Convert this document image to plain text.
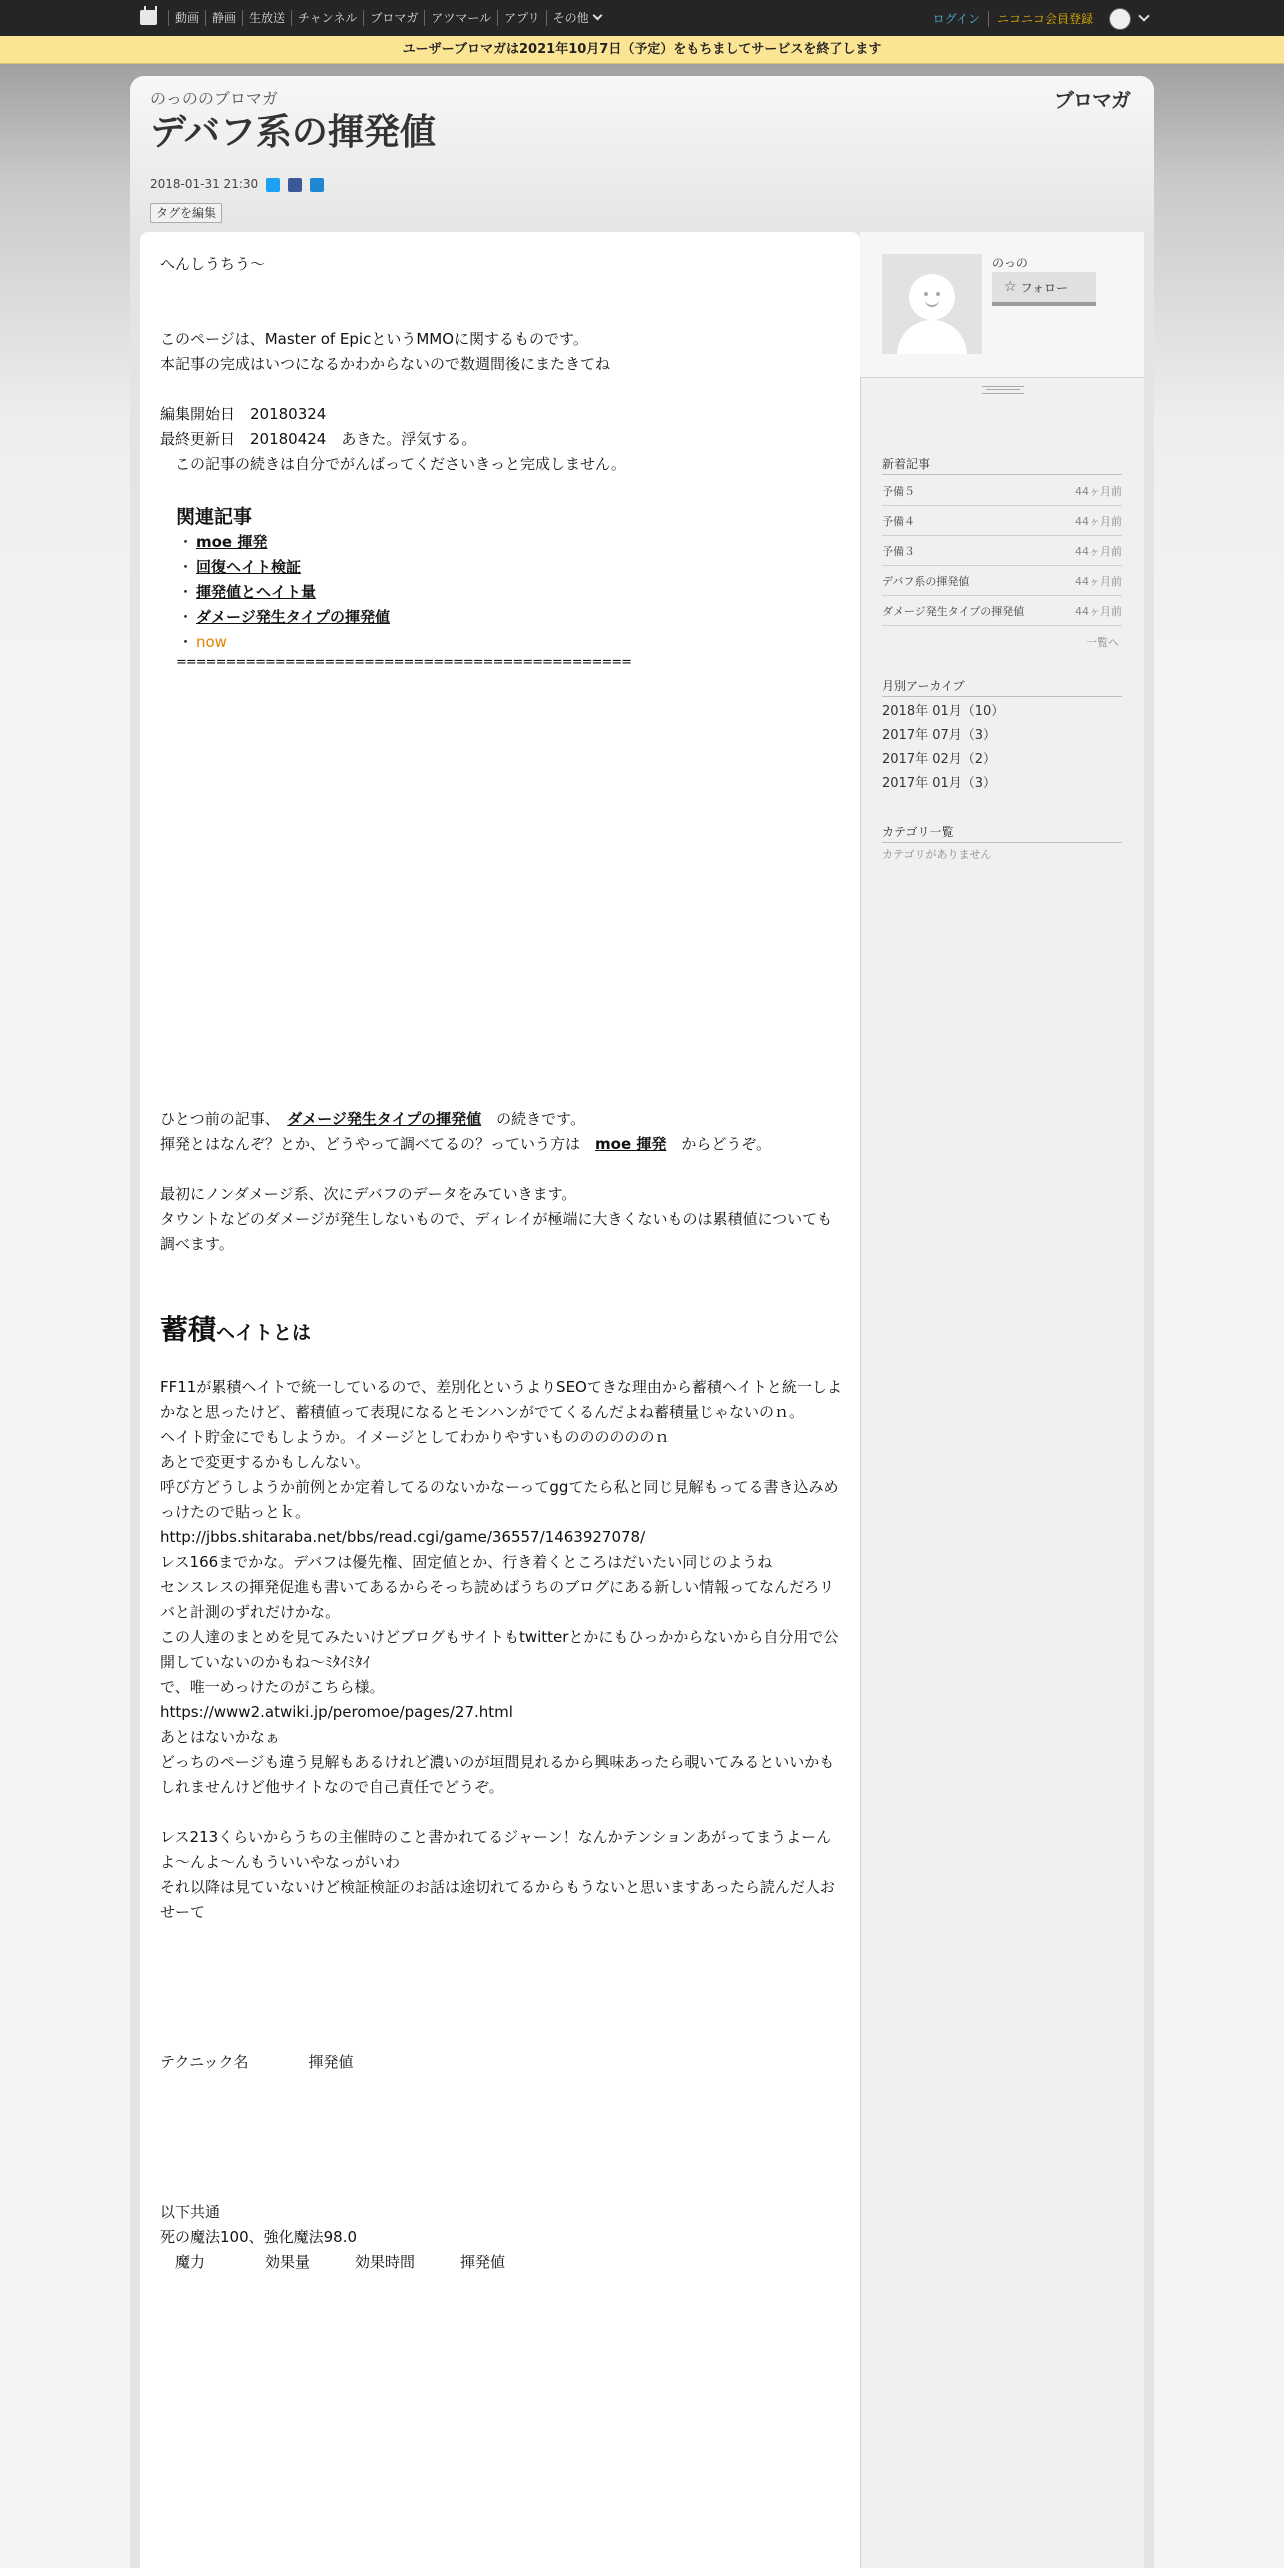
動画	静画	生放送	チャンネル	ブロマガ	アツマール	アプリ	その他	ログイン	ニコニコ会員登録
ユーザーブロマガは2021年10月7日（予定）をもちましてサービスを終了します
のっののブロマガ	ブロマガ
デバフ系の揮発値
2018-01-31 21:30
タグを編集

へんしうちう～

このページは、Master of EpicというMMOに関するものです。
本記事の完成はいつになるかわからないので数週間後にまたきてね

編集開始日　20180324
最終更新日　20180424　あきた。浮気する。
　この記事の続きは自分でがんばってくださいきっと完成しません。

関連記事
・ moe 揮発
・ 回復ヘイト検証
・ 揮発値とヘイト量
・ ダメージ発生タイプの揮発値
・ now
==============================================

ひとつ前の記事、　ダメージ発生タイプの揮発値　の続きです。

揮発とはなんぞ？とか、どうやって調べてるの？っていう方は　moe 揮発　からどうぞ。

最初にノンダメージ系、次にデバフのデータをみていきます。
タウントなどのダメージが発生しないもので、ディレイが極端に大きくないものは累積値についても調べます。

蓄積ヘイトとは

FF11が累積ヘイトで統一しているので、差別化というよりSEOてきな理由から蓄積ヘイトと統一しよかなと思ったけど、蓄積値って表現になるとモンハンがでてくるんだよね蓄積量じゃないのｎ。
ヘイト貯金にでもしようか。イメージとしてわかりやすいもののののののｎ
あとで変更するかもしんない。
呼び方どうしようか前例とか定着してるのないかなーってggてたら私と同じ見解もってる書き込みめっけたので貼っとｋ。
http://jbbs.shitaraba.net/bbs/read.cgi/game/36557/1463927078/
レス166までかな。デバフは優先権、固定値とか、行き着くところはだいたい同じのようね
センスレスの揮発促進も書いてあるからそっち読めばうちのブログにある新しい情報ってなんだろリバと計測のずれだけかな。
この人達のまとめを見てみたいけどブログもサイトもtwitterとかにもひっかからないから自分用で公開していないのかもね～ﾐﾀｲﾐﾀｲ
で、唯一めっけたのがこちら様。
https://www2.atwiki.jp/peromoe/pages/27.html
あとはないかなぁ
どっちのページも違う見解もあるけれど濃いのが垣間見れるから興味あったら覗いてみるといいかもしれませんけど他サイトなので自己責任でどうぞ。

レス213くらいからうちの主催時のこと書かれてるジャーン！なんかテンションあがってまうよーんよ～んよ～んもういいやなっがいわ
それ以降は見ていないけど検証検証のお話は途切れてるからもうないと思いますあったら読んだ人おせーて

テクニック名　　　　揮発値

以下共通
死の魔法100、強化魔法98.0
　魔力　　　　効果量　　　効果時間　　　揮発値

のっの
☆ フォロー
新着記事
予備５	44ヶ月前
予備４	44ヶ月前
予備３	44ヶ月前
デバフ系の揮発値	44ヶ月前
ダメージ発生タイプの揮発値	44ヶ月前
一覧へ
月別アーカイブ
2018年 01月（10）
2017年 07月（3）
2017年 02月（2）
2017年 01月（3）
カテゴリ一覧
カテゴリがありません
